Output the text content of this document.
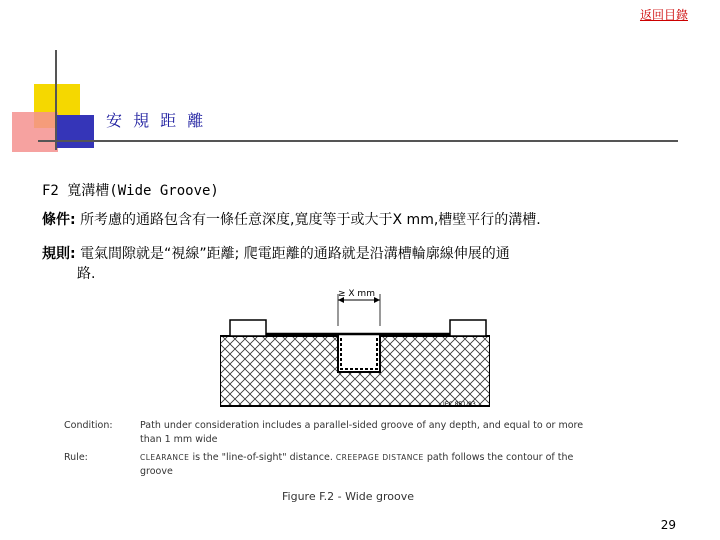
返回目錄
安 規 距 離
F2 寬溝槽(Wide Groove)
條件: 所考慮的通路包含有一條任意深度,寬度等于或大于X mm,槽壁平行的溝槽.
規則: 電氣間隙就是“視線”距離; 爬電距離的通路就是沿溝槽輪廓線伸展的通
路.
≥ X mm
IEC 851/93
Condition:	Path under consideration includes a parallel-sided groove of any depth, and equal to or more
than 1 mm wide
Rule:	CLEARANCE is the "line-of-sight" distance. CREEPAGE DISTANCE path follows the contour of the
groove
Figure F.2 - Wide groove
29
